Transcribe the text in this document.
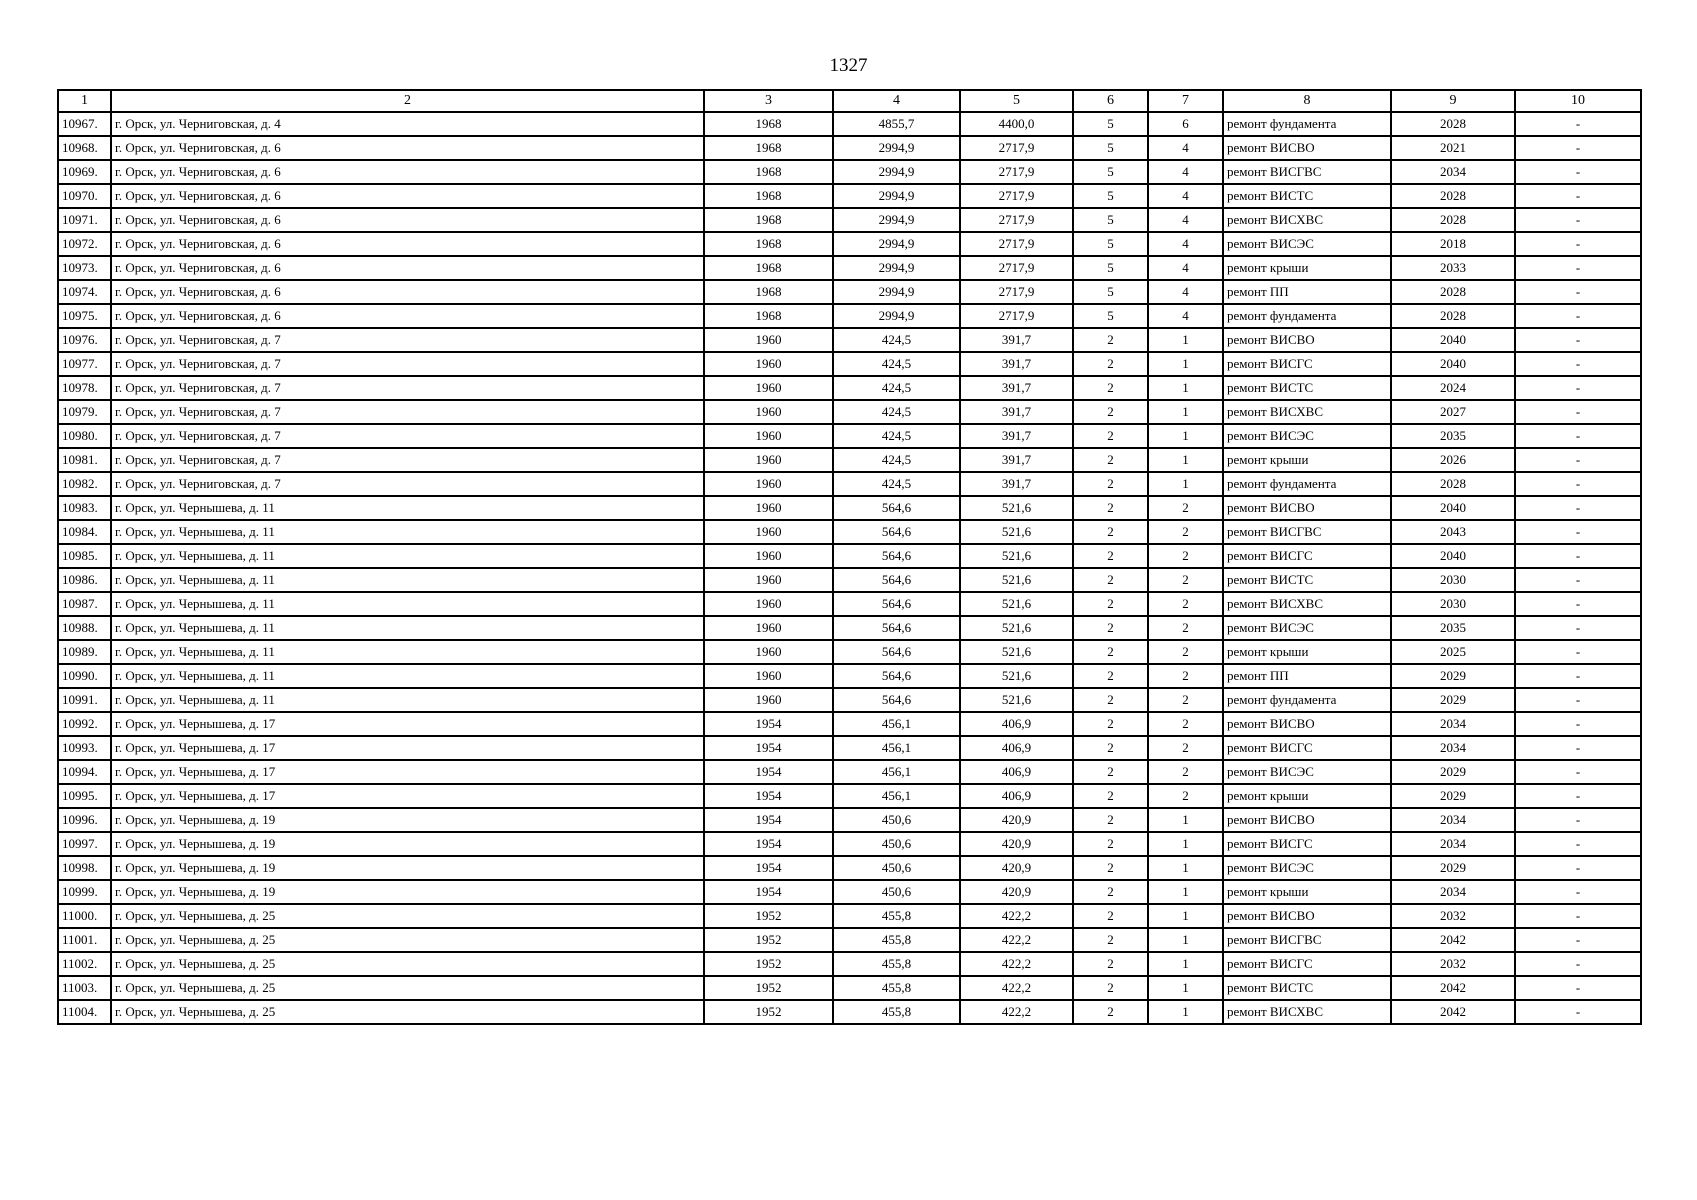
1327
1	2	3	4	5	6	7	8	9	10
10967.	г. Орск, ул. Черниговская, д. 4	1968	4855,7	4400,0	5	6	ремонт фундамента	2028	-
10968.	г. Орск, ул. Черниговская, д. 6	1968	2994,9	2717,9	5	4	ремонт ВИСВО	2021	-
10969.	г. Орск, ул. Черниговская, д. 6	1968	2994,9	2717,9	5	4	ремонт ВИСГВС	2034	-
10970.	г. Орск, ул. Черниговская, д. 6	1968	2994,9	2717,9	5	4	ремонт ВИСТС	2028	-
10971.	г. Орск, ул. Черниговская, д. 6	1968	2994,9	2717,9	5	4	ремонт ВИСХВС	2028	-
10972.	г. Орск, ул. Черниговская, д. 6	1968	2994,9	2717,9	5	4	ремонт ВИСЭС	2018	-
10973.	г. Орск, ул. Черниговская, д. 6	1968	2994,9	2717,9	5	4	ремонт крыши	2033	-
10974.	г. Орск, ул. Черниговская, д. 6	1968	2994,9	2717,9	5	4	ремонт ПП	2028	-
10975.	г. Орск, ул. Черниговская, д. 6	1968	2994,9	2717,9	5	4	ремонт фундамента	2028	-
10976.	г. Орск, ул. Черниговская, д. 7	1960	424,5	391,7	2	1	ремонт ВИСВО	2040	-
10977.	г. Орск, ул. Черниговская, д. 7	1960	424,5	391,7	2	1	ремонт ВИСГС	2040	-
10978.	г. Орск, ул. Черниговская, д. 7	1960	424,5	391,7	2	1	ремонт ВИСТС	2024	-
10979.	г. Орск, ул. Черниговская, д. 7	1960	424,5	391,7	2	1	ремонт ВИСХВС	2027	-
10980.	г. Орск, ул. Черниговская, д. 7	1960	424,5	391,7	2	1	ремонт ВИСЭС	2035	-
10981.	г. Орск, ул. Черниговская, д. 7	1960	424,5	391,7	2	1	ремонт крыши	2026	-
10982.	г. Орск, ул. Черниговская, д. 7	1960	424,5	391,7	2	1	ремонт фундамента	2028	-
10983.	г. Орск, ул. Чернышева, д. 11	1960	564,6	521,6	2	2	ремонт ВИСВО	2040	-
10984.	г. Орск, ул. Чернышева, д. 11	1960	564,6	521,6	2	2	ремонт ВИСГВС	2043	-
10985.	г. Орск, ул. Чернышева, д. 11	1960	564,6	521,6	2	2	ремонт ВИСГС	2040	-
10986.	г. Орск, ул. Чернышева, д. 11	1960	564,6	521,6	2	2	ремонт ВИСТС	2030	-
10987.	г. Орск, ул. Чернышева, д. 11	1960	564,6	521,6	2	2	ремонт ВИСХВС	2030	-
10988.	г. Орск, ул. Чернышева, д. 11	1960	564,6	521,6	2	2	ремонт ВИСЭС	2035	-
10989.	г. Орск, ул. Чернышева, д. 11	1960	564,6	521,6	2	2	ремонт крыши	2025	-
10990.	г. Орск, ул. Чернышева, д. 11	1960	564,6	521,6	2	2	ремонт ПП	2029	-
10991.	г. Орск, ул. Чернышева, д. 11	1960	564,6	521,6	2	2	ремонт фундамента	2029	-
10992.	г. Орск, ул. Чернышева, д. 17	1954	456,1	406,9	2	2	ремонт ВИСВО	2034	-
10993.	г. Орск, ул. Чернышева, д. 17	1954	456,1	406,9	2	2	ремонт ВИСГС	2034	-
10994.	г. Орск, ул. Чернышева, д. 17	1954	456,1	406,9	2	2	ремонт ВИСЭС	2029	-
10995.	г. Орск, ул. Чернышева, д. 17	1954	456,1	406,9	2	2	ремонт крыши	2029	-
10996.	г. Орск, ул. Чернышева, д. 19	1954	450,6	420,9	2	1	ремонт ВИСВО	2034	-
10997.	г. Орск, ул. Чернышева, д. 19	1954	450,6	420,9	2	1	ремонт ВИСГС	2034	-
10998.	г. Орск, ул. Чернышева, д. 19	1954	450,6	420,9	2	1	ремонт ВИСЭС	2029	-
10999.	г. Орск, ул. Чернышева, д. 19	1954	450,6	420,9	2	1	ремонт крыши	2034	-
11000.	г. Орск, ул. Чернышева, д. 25	1952	455,8	422,2	2	1	ремонт ВИСВО	2032	-
11001.	г. Орск, ул. Чернышева, д. 25	1952	455,8	422,2	2	1	ремонт ВИСГВС	2042	-
11002.	г. Орск, ул. Чернышева, д. 25	1952	455,8	422,2	2	1	ремонт ВИСГС	2032	-
11003.	г. Орск, ул. Чернышева, д. 25	1952	455,8	422,2	2	1	ремонт ВИСТС	2042	-
11004.	г. Орск, ул. Чернышева, д. 25	1952	455,8	422,2	2	1	ремонт ВИСХВС	2042	-
